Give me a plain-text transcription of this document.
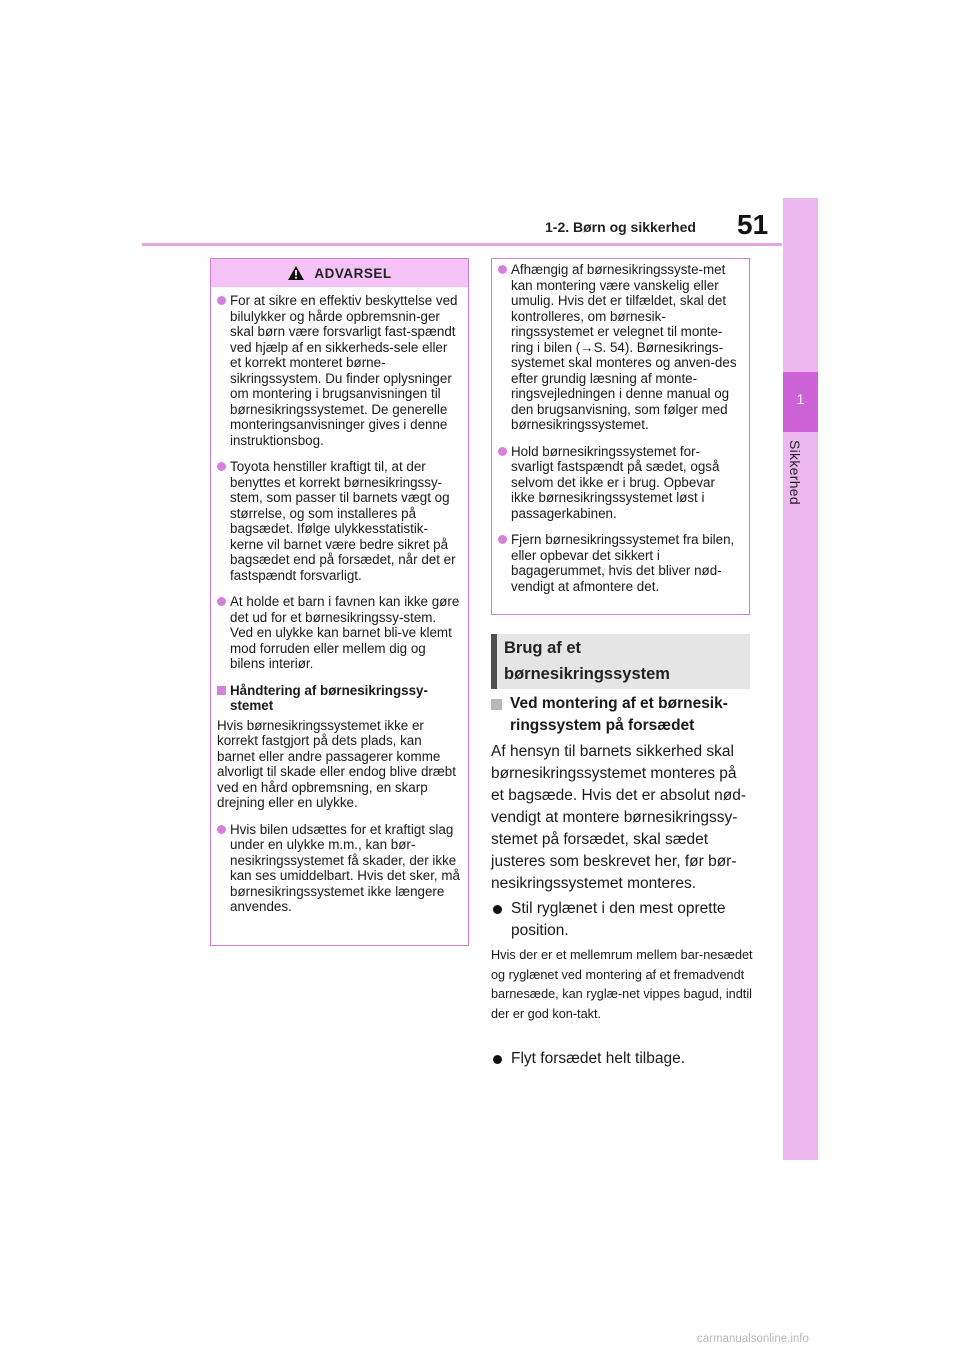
1-2. Børn og sikkerhed 51
1
Sikkerhed
ADVARSEL
For at sikre en effektiv beskyttelse ved bilulykker og hårde opbremsnin-ger skal børn være forsvarligt fast-spændt ved hjælp af en sikkerheds-sele eller et korrekt monteret børne-sikringssystem. Du finder oplysninger om montering i brugsanvisningen til børnesikringssystemet. De generelle monteringsanvisninger gives i denne instruktionsbog.
Toyota henstiller kraftigt til, at der benyttes et korrekt børnesikringssy-stem, som passer til barnets vægt og størrelse, og som installeres på bagsædet. Ifølge ulykkesstatistik-kerne vil barnet være bedre sikret på bagsædet end på forsædet, når det er fastspændt forsvarligt.
At holde et barn i favnen kan ikke gøre det ud for et børnesikringssy-stem. Ved en ulykke kan barnet bli-ve klemt mod forruden eller mellem dig og bilens interiør.
Håndtering af børnesikringssy-stemet
Hvis børnesikringssystemet ikke er korrekt fastgjort på dets plads, kan barnet eller andre passagerer komme alvorligt til skade eller endog blive dræbt ved en hård opbremsning, en skarp drejning eller en ulykke.
Hvis bilen udsættes for et kraftigt slag under en ulykke m.m., kan bør-nesikringssystemet få skader, der ikke kan ses umiddelbart. Hvis det sker, må børnesikringssystemet ikke længere anvendes.
Afhængig af børnesikringssyste-met kan montering være vanskelig eller umulig. Hvis det er tilfældet, skal det kontrolleres, om børnesik-ringssystemet er velegnet til monte-ring i bilen (→S. 54). Børnesikrings-systemet skal monteres og anven-des efter grundig læsning af monte-ringsvejledningen i denne manual og den brugsanvisning, som følger med børnesikringssystemet.
Hold børnesikringssystemet for-svarligt fastspændt på sædet, også selvom det ikke er i brug. Opbevar ikke børnesikringssystemet løst i passagerkabinen.
Fjern børnesikringssystemet fra bilen, eller opbevar det sikkert i bagagerummet, hvis det bliver nød-vendigt at afmontere det.
Brug af et børnesikringssystem
Ved montering af et børnesik-ringssystem på forsædet
Af hensyn til barnets sikkerhed skal børnesikringssystemet monteres på et bagsæde. Hvis det er absolut nød-vendigt at montere børnesikringssy-stemet på forsædet, skal sædet justeres som beskrevet her, før bør-nesikringssystemet monteres.
Stil ryglænet i den mest oprette position.
Hvis der er et mellemrum mellem bar-nesædet og ryglænet ved montering af et fremadvendt barnesæde, kan ryglæ-net vippes bagud, indtil der er god kon-takt.
Flyt forsædet helt tilbage.
carmanualsonline.info
